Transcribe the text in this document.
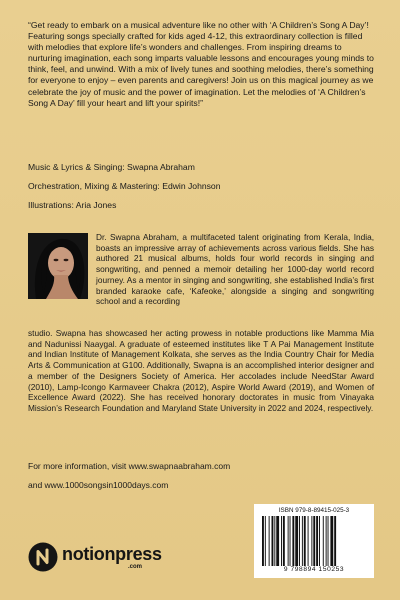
“Get ready to embark on a musical adventure like no other with ‘A Children’s Song A Day’! Featuring songs specially crafted for kids aged 4-12, this extraordinary collection is filled with melodies that explore life’s wonders and challenges. From inspiring dreams to nurturing imagination, each song imparts valuable lessons and encourages young minds to think, feel, and unwind. With a mix of lively tunes and soothing melodies, there’s something for everyone to enjoy – even parents and caregivers! Join us on this magical journey as we celebrate the joy of music and the power of imagination. Let the melodies of ‘A Children’s Song A Day’ fill your heart and lift your spirits!”

Music & Lyrics & Singing: Swapna Abraham

Orchestration, Mixing & Mastering: Edwin Johnson

Illustrations: Aria Jones

Dr. Swapna Abraham, a multifaceted talent originating from Kerala, India, boasts an impressive array of achievements across various fields. She has authored 21 musical albums, holds four world records in singing and songwriting, and penned a memoir detailing her 1000-day world record journey. As a mentor in singing and songwriting, she established India’s first branded karaoke cafe, ‘Kafeoke,’ alongside a singing and songwriting school and a recording

studio. Swapna has showcased her acting prowess in notable productions like Mamma Mia and Nadunissi Naaygal. A graduate of esteemed institutes like T A Pai Management Institute and Indian Institute of Management Kolkata, she serves as the India Country Chair for Media Arts & Communication at G100. Additionally, Swapna is an accomplished interior designer and a member of the Designers Society of America. Her accolades include NeedStar Award (2010), Lamp-Icongo Karmaveer Chakra (2012), Aspire World Award (2019), and Women of Excellence Award (2022). She has received honorary doctorates in music from Vinayaka Mission’s Research Foundation and Maryland State University in 2022 and 2024, respectively.

For more information, visit www.swapnaabraham.com

and www.1000songsin1000days.com

notionpress
.com
ISBN 979-8-89415-025-3
9 798894 150253
